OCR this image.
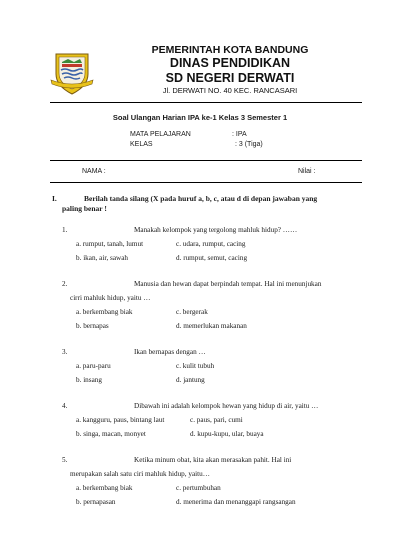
PEMERINTAH KOTA BANDUNG
DINAS PENDIDIKAN
SD NEGERI DERWATI
Jl. DERWATI NO. 40 KEC. RANCASARI
Soal Ulangan Harian IPA ke-1 Kelas 3 Semester 1
MATA PELAJARAN	: IPA
KELAS	: 3 (Tiga)
NAMA :	Nilai :
I.	Berilah tanda silang (X pada huruf a, b, c, atau d di depan jawaban yang
paling benar !
1.	Manakah kelompok yang tergolong mahluk hidup? ……
a. rumput, tanah, lumut	c. udara, rumput, cacing
b. ikan, air, sawah	d. rumput, semut, cacing
2.	Manusia dan hewan dapat berpindah tempat. Hal ini menunjukan
cirri mahluk hidup, yaitu …
a. berkembang biak	c. bergerak
b. bernapas	d. memerlukan makanan
3.	Ikan bernapas dengan …
a. paru-paru	c. kulit tubuh
b. insang	d. jantung
4.	Dibawah ini adalah kelompok hewan yang hidup di air, yaitu …
a. kangguru, paus, bintang laut	c. paus, pari, cumi
b. singa, macan, monyet	d. kupu-kupu, ular, buaya
5.	Ketika minum obat, kita akan merasakan pahit. Hal ini
merupakan salah satu ciri mahluk hidup, yaitu…
a. berkembang biak	c. pertumbuhan
b. pernapasan	d. menerima dan menanggapi rangsangan
